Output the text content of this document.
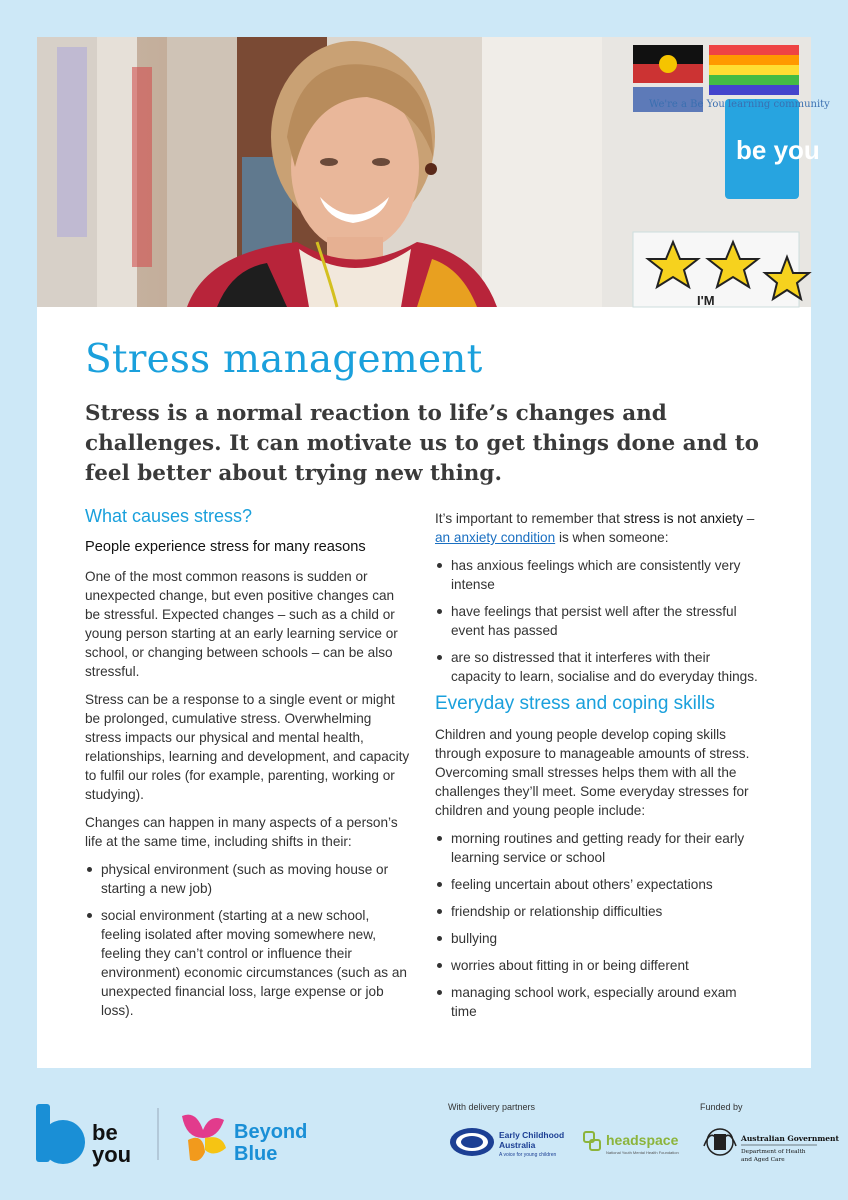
be you
We're a Be You learning community
I'M
Stress management

Stress is a normal reaction to life’s changes and challenges. It can motivate us to get things done and to feel better about trying new thing.

What causes stress?
People experience stress for many reasons

One of the most common reasons is sudden or unexpected change, but even positive changes can be stressful. Expected changes – such as a child or young person starting at an early learning service or school, or changing between schools – can be also stressful.

Stress can be a response to a single event or might be prolonged, cumulative stress. Overwhelming stress impacts our physical and mental health, relationships, learning and development, and capacity to fulfil our roles (for example, parenting, working or studying).

Changes can happen in many aspects of a person’s life at the same time, including shifts in their:

physical environment (such as moving house or starting a new job)
social environment (starting at a new school, feeling isolated after moving somewhere new, feeling they can’t control or influence their environment) economic circumstances (such as an unexpected financial loss, large expense or job loss).

It’s important to remember that stress is not anxiety – an anxiety condition is when someone:

has anxious feelings which are consistently very intense
have feelings that persist well after the stressful event has passed
are so distressed that it interferes with their capacity to learn, socialise and do everyday things.
Everyday stress and coping skills

Children and young people develop coping skills through exposure to manageable amounts of stress. Overcoming small stresses helps them with all the challenges they’ll meet. Some everyday stresses for children and young people include:

morning routines and getting ready for their early learning service or school
feeling uncertain about others’ expectations
friendship or relationship difficulties
bullying
worries about fitting in or being different
managing school work, especially around exam time
be
you
Beyond
Blue
With delivery partners	Funded by
Early Childhood
Australia
A voice for young children
headspace
National Youth Mental Health Foundation
Australian Government
Department of Health
and Aged Care
